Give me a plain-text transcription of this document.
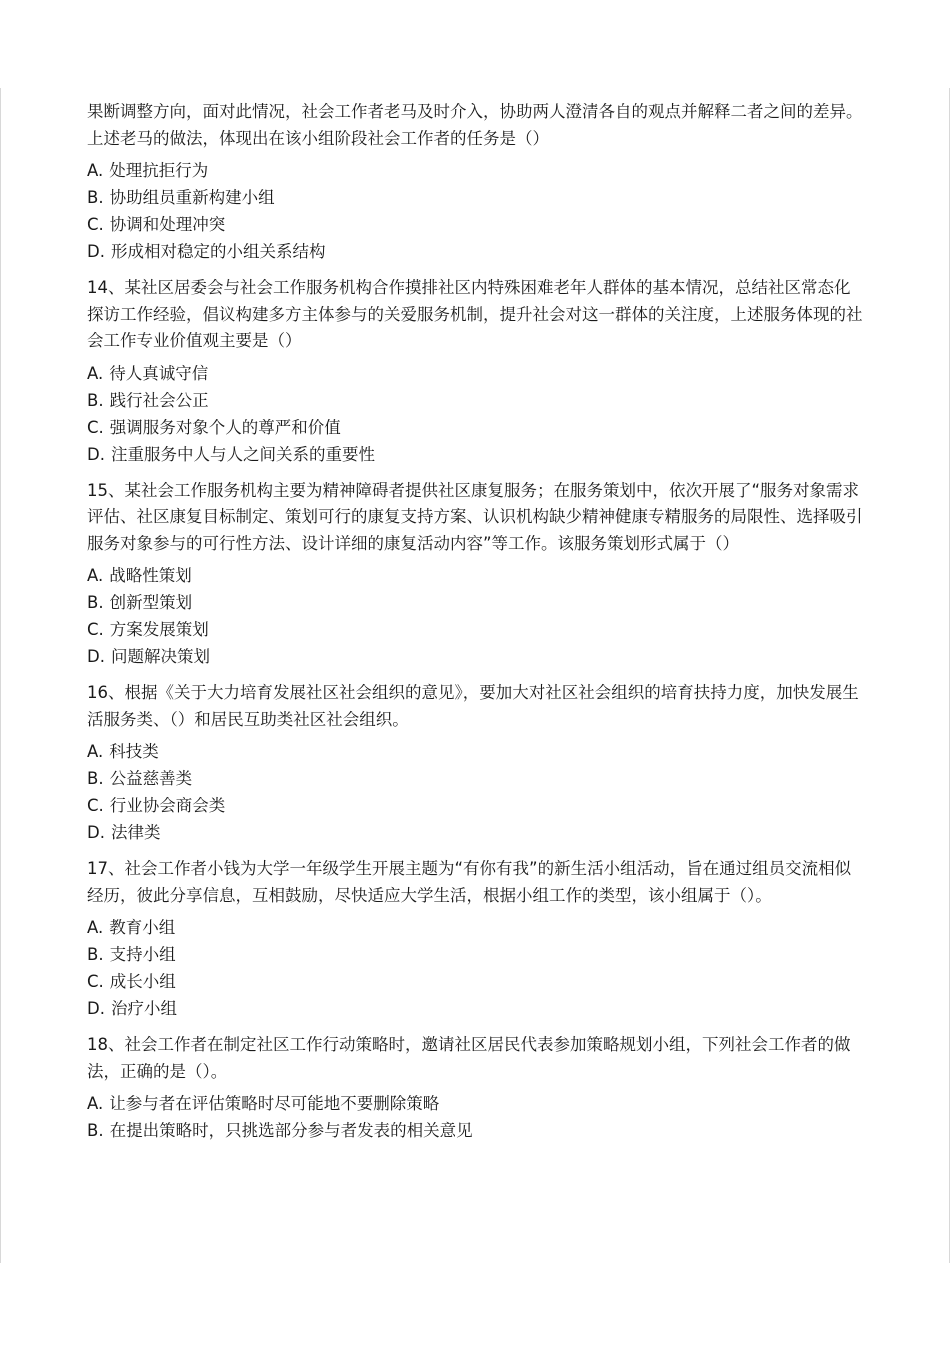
果断调整方向，面对此情况，社会工作者老马及时介入，协助两人澄清各自的观点并解释二者之间的差异。上述老马的做法，体现出在该小组阶段社会工作者的任务是（）

A. 处理抗拒行为
B. 协助组员重新构建小组
C. 协调和处理冲突
D. 形成相对稳定的小组关系结构

14、某社区居委会与社会工作服务机构合作摸排社区内特殊困难老年人群体的基本情况，总结社区常态化探访工作经验，倡议构建多方主体参与的关爱服务机制，提升社会对这一群体的关注度，上述服务体现的社会工作专业价值观主要是（）

A. 待人真诚守信
B. 践行社会公正
C. 强调服务对象个人的尊严和价值
D. 注重服务中人与人之间关系的重要性

15、某社会工作服务机构主要为精神障碍者提供社区康复服务；在服务策划中，依次开展了“服务对象需求评估、社区康复目标制定、策划可行的康复支持方案、认识机构缺少精神健康专精服务的局限性、选择吸引服务对象参与的可行性方法、设计详细的康复活动内容”等工作。该服务策划形式属于（）

A. 战略性策划
B. 创新型策划
C. 方案发展策划
D. 问题解决策划

16、根据《关于大力培育发展社区社会组织的意见》，要加大对社区社会组织的培育扶持力度，加快发展生活服务类、（）和居民互助类社区社会组织。

A. 科技类
B. 公益慈善类
C. 行业协会商会类
D. 法律类

17、社会工作者小钱为大学一年级学生开展主题为“有你有我”的新生活小组活动，旨在通过组员交流相似经历，彼此分享信息，互相鼓励，尽快适应大学生活，根据小组工作的类型，该小组属于（）。

A. 教育小组
B. 支持小组
C. 成长小组
D. 治疗小组

18、社会工作者在制定社区工作行动策略时，邀请社区居民代表参加策略规划小组，下列社会工作者的做法，正确的是（）。

A. 让参与者在评估策略时尽可能地不要删除策略
B. 在提出策略时，只挑选部分参与者发表的相关意见
